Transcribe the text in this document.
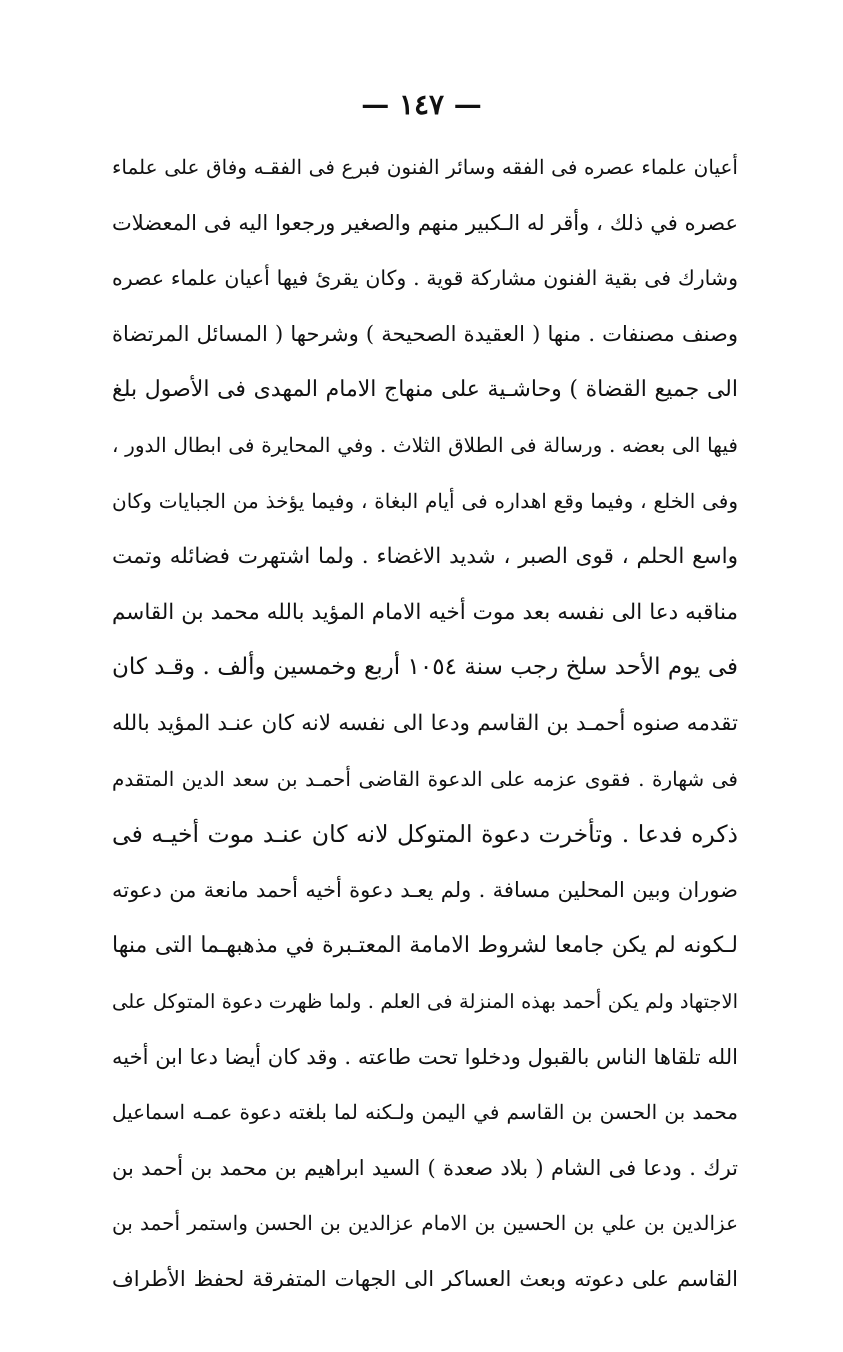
— ١٤٧ —
أعيان علماء عصره فى الفقه وسائر الفنون فبرع فى الفقـه وفاق على علماء
عصره في ذلك ، وأقر له الـكبير منهم والصغير ورجعوا اليه فى المعضلات
وشارك فى بقية الفنون مشاركة قوية . وكان يقرئ فيها أعيان علماء عصره
وصنف مصنفات . منها ( العقيدة الصحيحة ) وشرحها ( المسائل المرتضاة
الى جميع القضاة ) وحاشـية على منهاج الامام المهدى فى الأصول بلغ
فيها الى بعضه . ورسالة فى الطلاق الثلاث . وفي المحايرة فى ابطال الدور ،
وفى الخلع ، وفيما وقع اهداره فى أيام البغاة ، وفيما يؤخذ من الجبايات وكان
واسع الحلم ، قوى الصبر ، شديد الاغضاء . ولما اشتهرت فضائله وتمت
مناقبه دعا الى نفسه بعد موت أخيه الامام المؤيد بالله محمد بن القاسم
فى يوم الأحد سلخ رجب سنة ١٠٥٤ أربع وخمسين وألف . وقـد كان
تقدمه صنوه أحمـد بن القاسم ودعا الى نفسه لانه كان عنـد المؤيد بالله
فى شهارة . فقوى عزمه على الدعوة القاضى أحمـد بن سعد الدين المتقدم
ذكره فدعا . وتأخرت دعوة المتوكل لانه كان عنـد موت أخيـه فى
ضوران وبين المحلين مسافة . ولم يعـد دعوة أخيه أحمد مانعة من دعوته
لـكونه لم يكن جامعا لشروط الامامة المعتـبرة في مذهبهـما التى منها
الاجتهاد ولم يكن أحمد بهذه المنزلة فى العلم . ولما ظهرت دعوة المتوكل على
الله تلقاها الناس بالقبول ودخلوا تحت طاعته . وقد كان أيضا دعا ابن أخيه
محمد بن الحسن بن القاسم في اليمن ولـكنه لما بلغته دعوة عمـه اسماعيل
ترك . ودعا فى الشام ( بلاد صعدة ) السيد ابراهيم بن محمد بن أحمد بن
عزالدين بن علي بن الحسين بن الامام عزالدين بن الحسن واستمر أحمد بن
القاسم على دعوته وبعث العساكر الى الجهات المتفرقة لحفظ الأطراف
